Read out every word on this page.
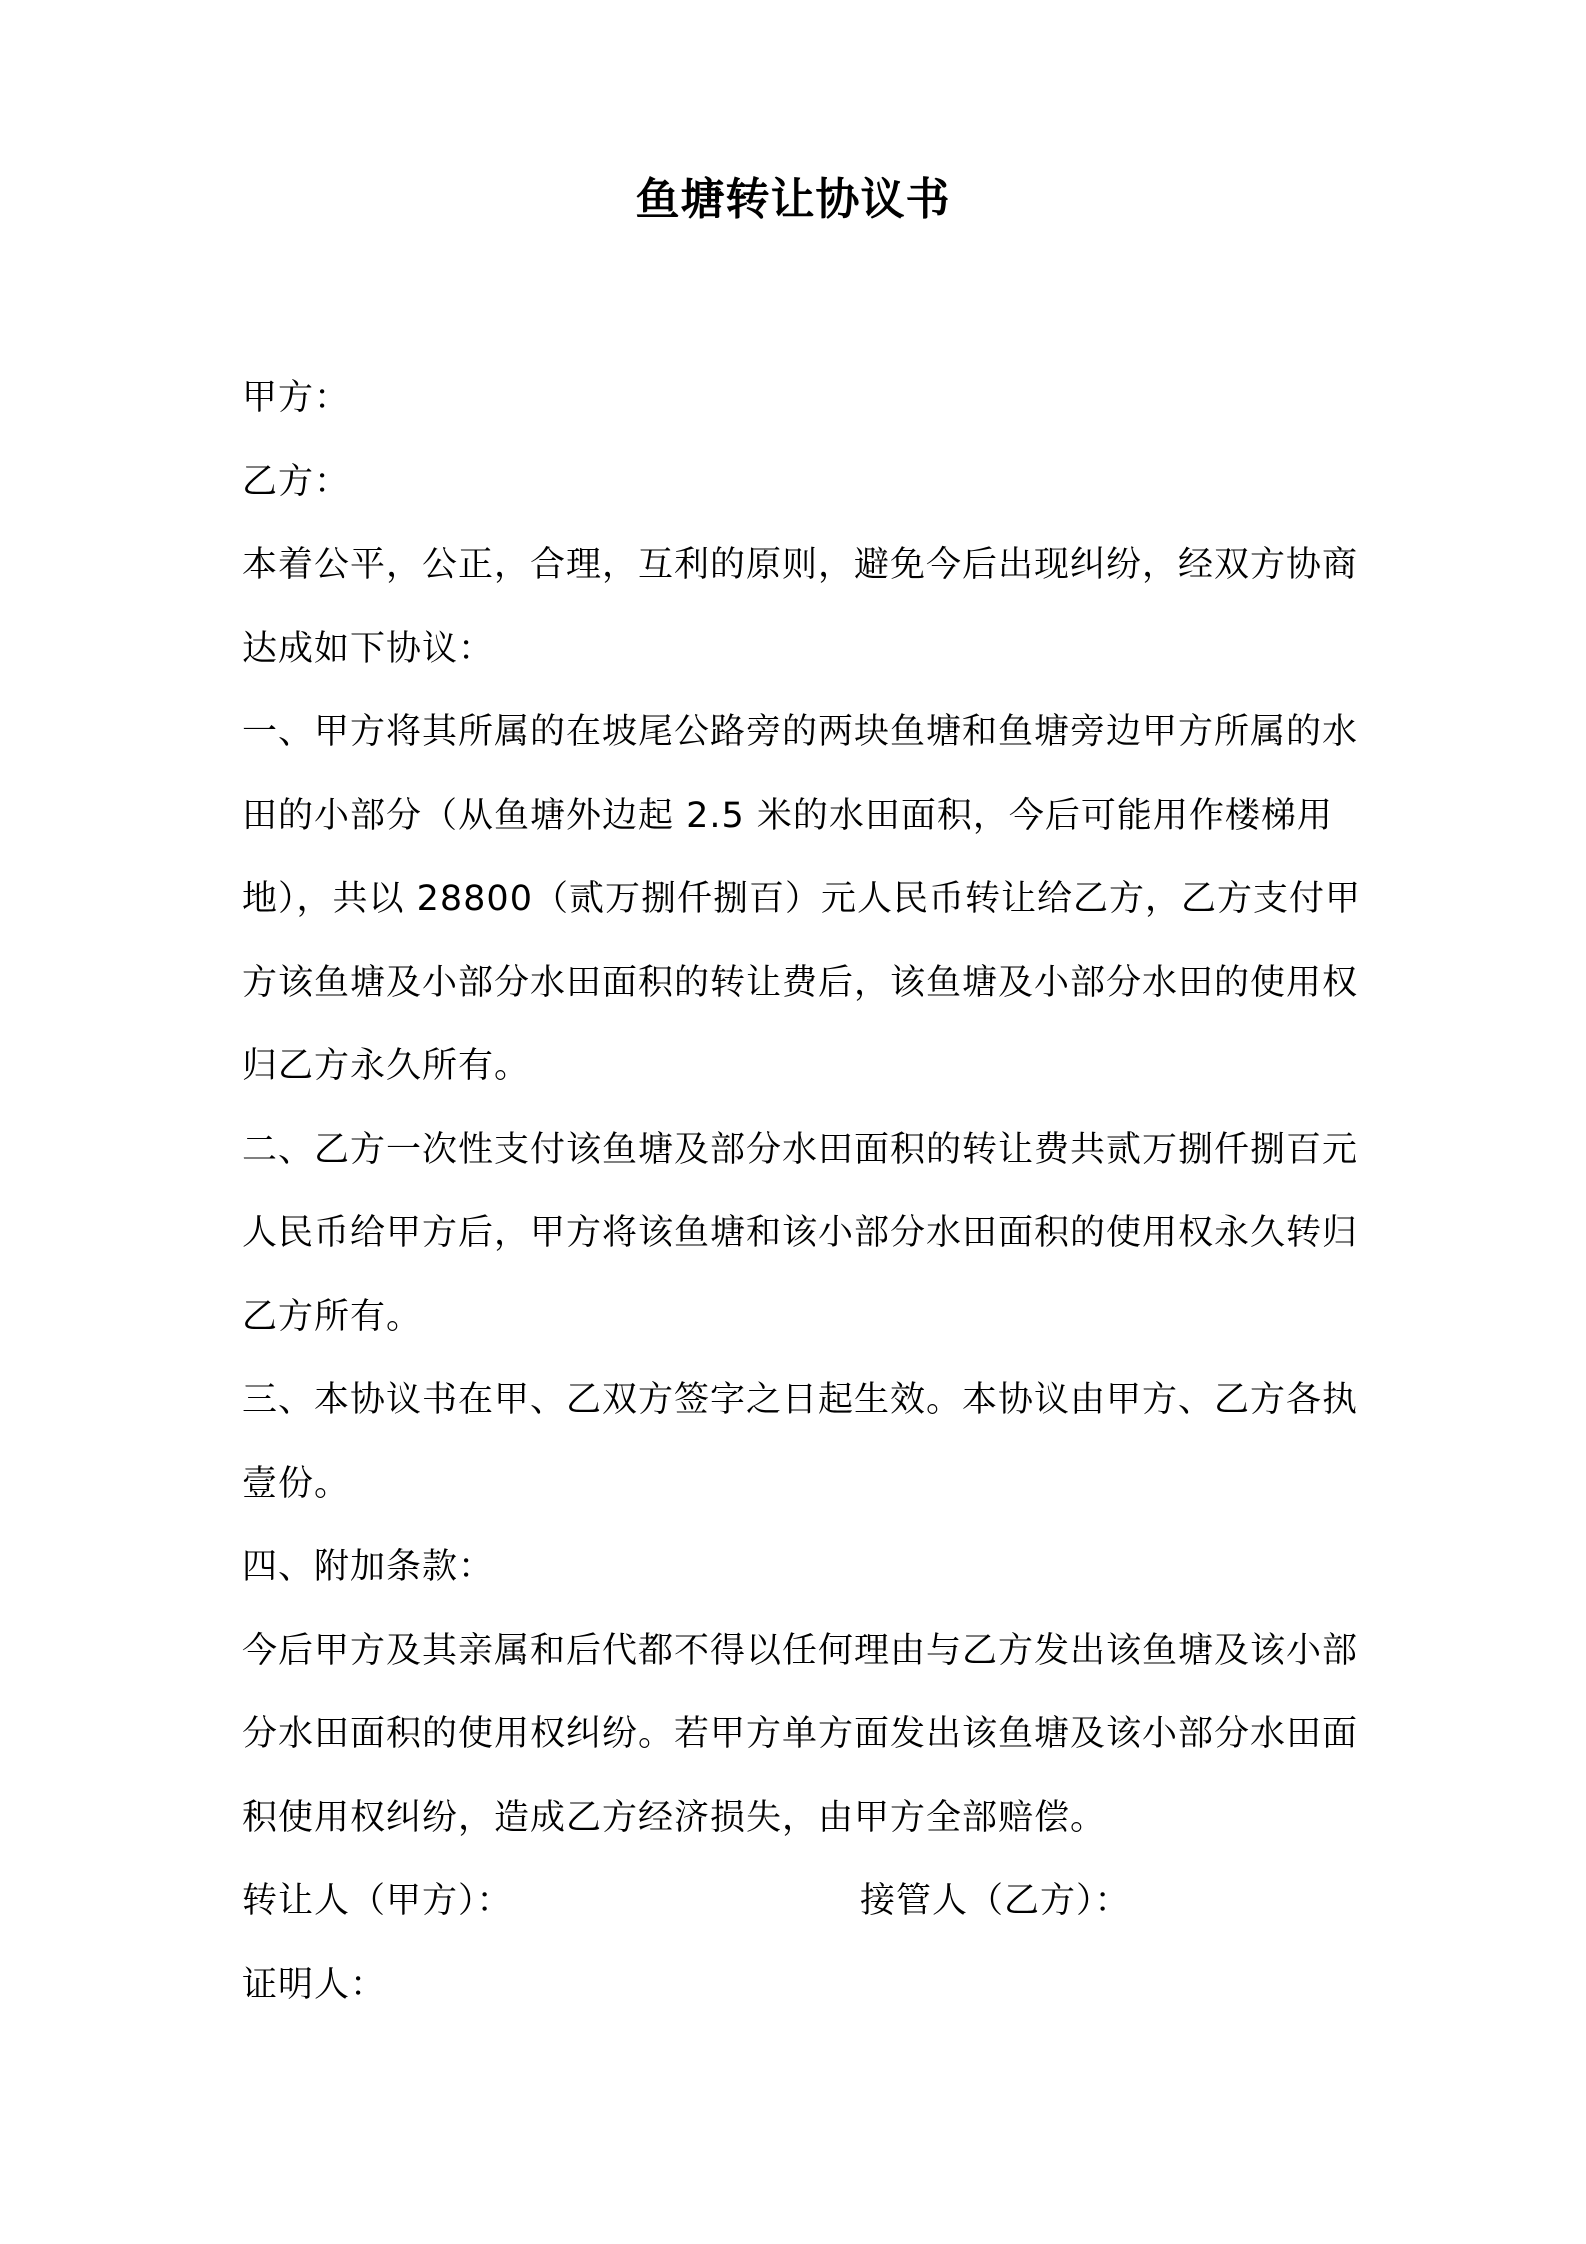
鱼塘转让协议书

甲方：

乙方：

本着公平，公正，合理，互利的原则，避免今后出现纠纷，经双方协商达成如下协议：

一、甲方将其所属的在坡尾公路旁的两块鱼塘和鱼塘旁边甲方所属的水田的小部分（从鱼塘外边起 2.5 米的水田面积，今后可能用作楼梯用地），共以 28800（贰万捌仟捌百）元人民币转让给乙方，乙方支付甲方该鱼塘及小部分水田面积的转让费后，该鱼塘及小部分水田的使用权归乙方永久所有。

二、乙方一次性支付该鱼塘及部分水田面积的转让费共贰万捌仟捌百元人民币给甲方后，甲方将该鱼塘和该小部分水田面积的使用权永久转归乙方所有。

三、本协议书在甲、乙双方签字之日起生效。本协议由甲方、乙方各执壹份。

四、附加条款：

今后甲方及其亲属和后代都不得以任何理由与乙方发出该鱼塘及该小部分水田面积的使用权纠纷。若甲方单方面发出该鱼塘及该小部分水田面积使用权纠纷，造成乙方经济损失，由甲方全部赔偿。

转让人（甲方）：	接管人（乙方）：

证明人：
